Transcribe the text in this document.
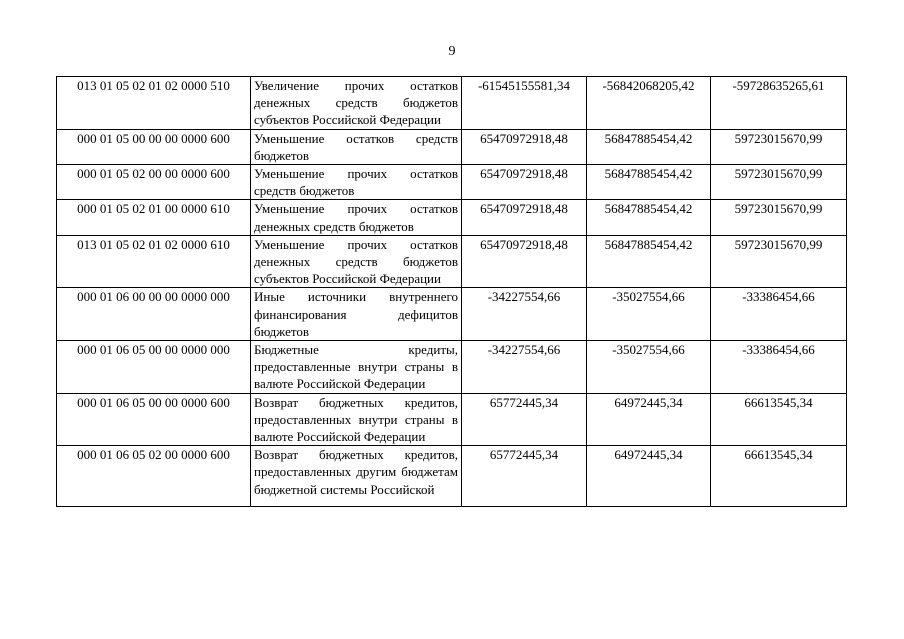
9
013 01 05 02 01 02 0000 510	Увеличение прочих остатков денежных средств бюджетов субъектов Российской Федерации	-61545155581,34	-56842068205,42	-59728635265,61
000 01 05 00 00 00 0000 600	Уменьшение остатков средств бюджетов	65470972918,48	56847885454,42	59723015670,99
000 01 05 02 00 00 0000 600	Уменьшение прочих остатков средств бюджетов	65470972918,48	56847885454,42	59723015670,99
000 01 05 02 01 00 0000 610	Уменьшение прочих остатков денежных средств бюджетов	65470972918,48	56847885454,42	59723015670,99
013 01 05 02 01 02 0000 610	Уменьшение прочих остатков денежных средств бюджетов субъектов Российской Федерации	65470972918,48	56847885454,42	59723015670,99
000 01 06 00 00 00 0000 000	Иные источники внутреннего финансирования дефицитов бюджетов	-34227554,66	-35027554,66	-33386454,66
000 01 06 05 00 00 0000 000	Бюджетные кредиты, предоставленные внутри страны в валюте Российской Федерации	-34227554,66	-35027554,66	-33386454,66
000 01 06 05 00 00 0000 600	Возврат бюджетных кредитов, предоставленных внутри страны в валюте Российской Федерации	65772445,34	64972445,34	66613545,34
000 01 06 05 02 00 0000 600	Возврат бюджетных кредитов, предоставленных другим бюджетам бюджетной системы Российской	65772445,34	64972445,34	66613545,34
